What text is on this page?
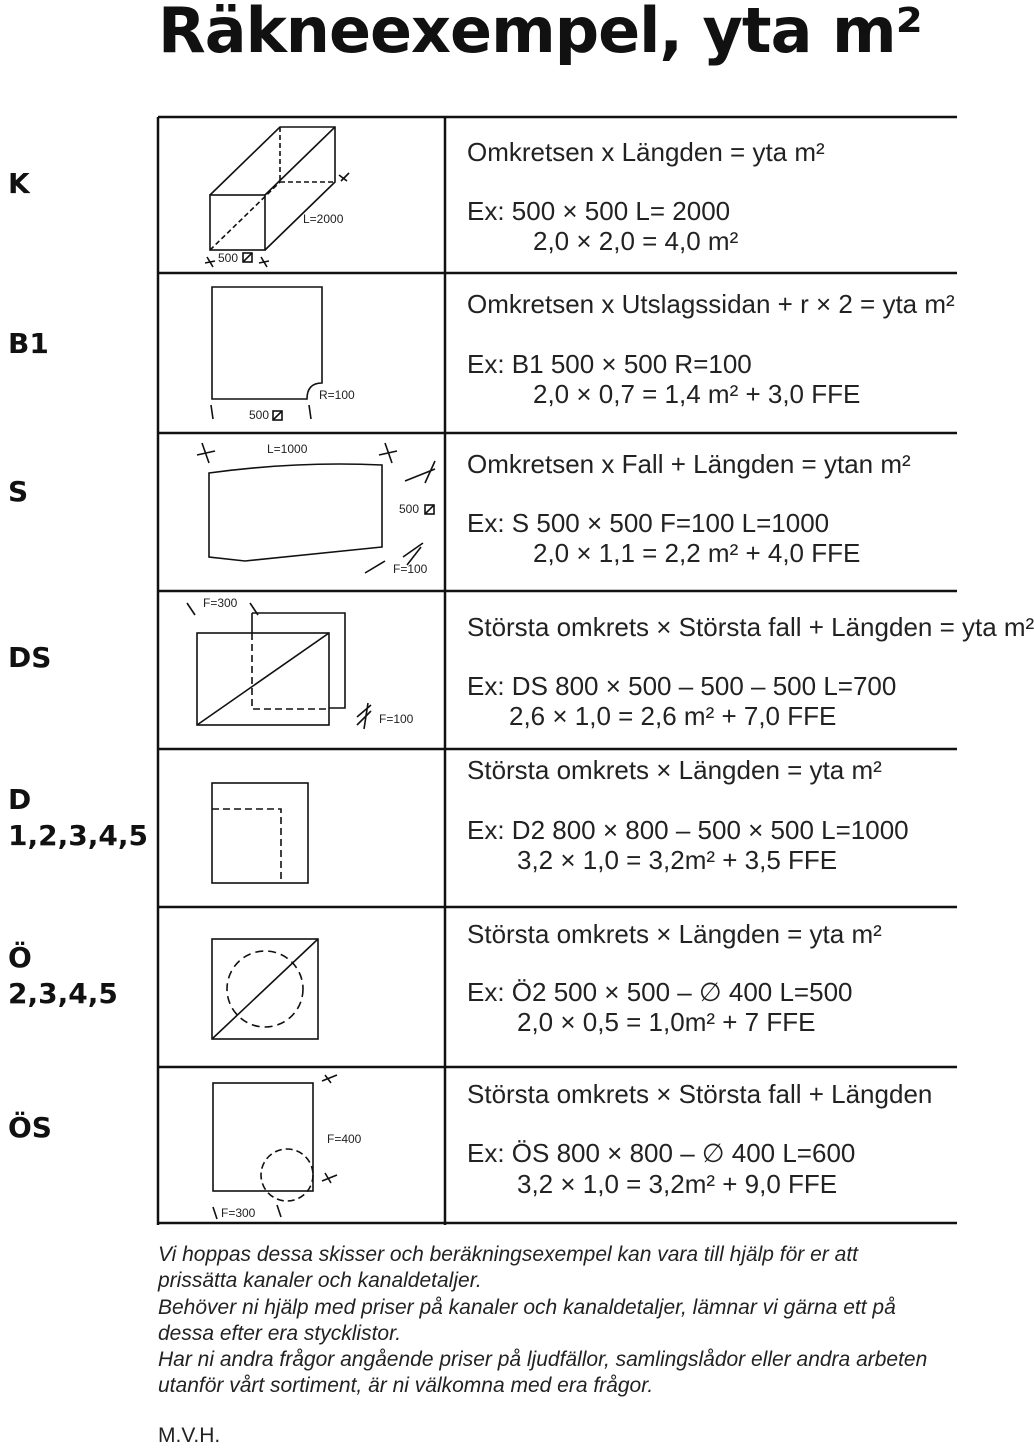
Räkneexempel, yta m²
K
B1
S
DS
D
1,2,3,4,5
Ö
2,3,4,5
ÖS
500
L=2000
500
R=100
L=1000
500
F=100
F=300
F=100
F=400
F=300
Omkretsen x Längden = yta m²
Ex: 500 × 500 L= 2000
2,0 × 2,0 = 4,0 m²
Omkretsen x Utslagssidan + r × 2 = yta m²
Ex: B1 500 × 500 R=100
2,0 × 0,7 = 1,4 m² + 3,0 FFE
Omkretsen x Fall + Längden = ytan m²
Ex: S 500 × 500 F=100 L=1000
2,0 × 1,1 = 2,2 m² + 4,0 FFE
Största omkrets × Största fall + Längden = yta m²
Ex: DS 800 × 500 – 500 – 500 L=700
2,6 × 1,0 = 2,6 m² + 7,0 FFE
Största omkrets × Längden = yta m²
Ex: D2 800 × 800 – 500 × 500 L=1000
3,2 × 1,0 = 3,2m² + 3,5 FFE
Största omkrets × Längden = yta m²
Ex: Ö2 500 × 500 – ∅ 400 L=500
2,0 × 0,5 = 1,0m² + 7 FFE
Största omkrets × Största fall + Längden
Ex: ÖS 800 × 800 – ∅ 400 L=600
3,2 × 1,0 = 3,2m² + 9,0 FFE

Vi hoppas dessa skisser och beräkningsexempel kan vara till hjälp för er att prissätta kanaler och kanaldetaljer.

Behöver ni hjälp med priser på kanaler och kanaldetaljer, lämnar vi gärna ett på dessa efter era stycklistor.

Har ni andra frågor angående priser på ljudfällor, samlingslådor eller andra arbeten utanför vårt sortiment, är ni välkomna med era frågor.

M.V.H.
